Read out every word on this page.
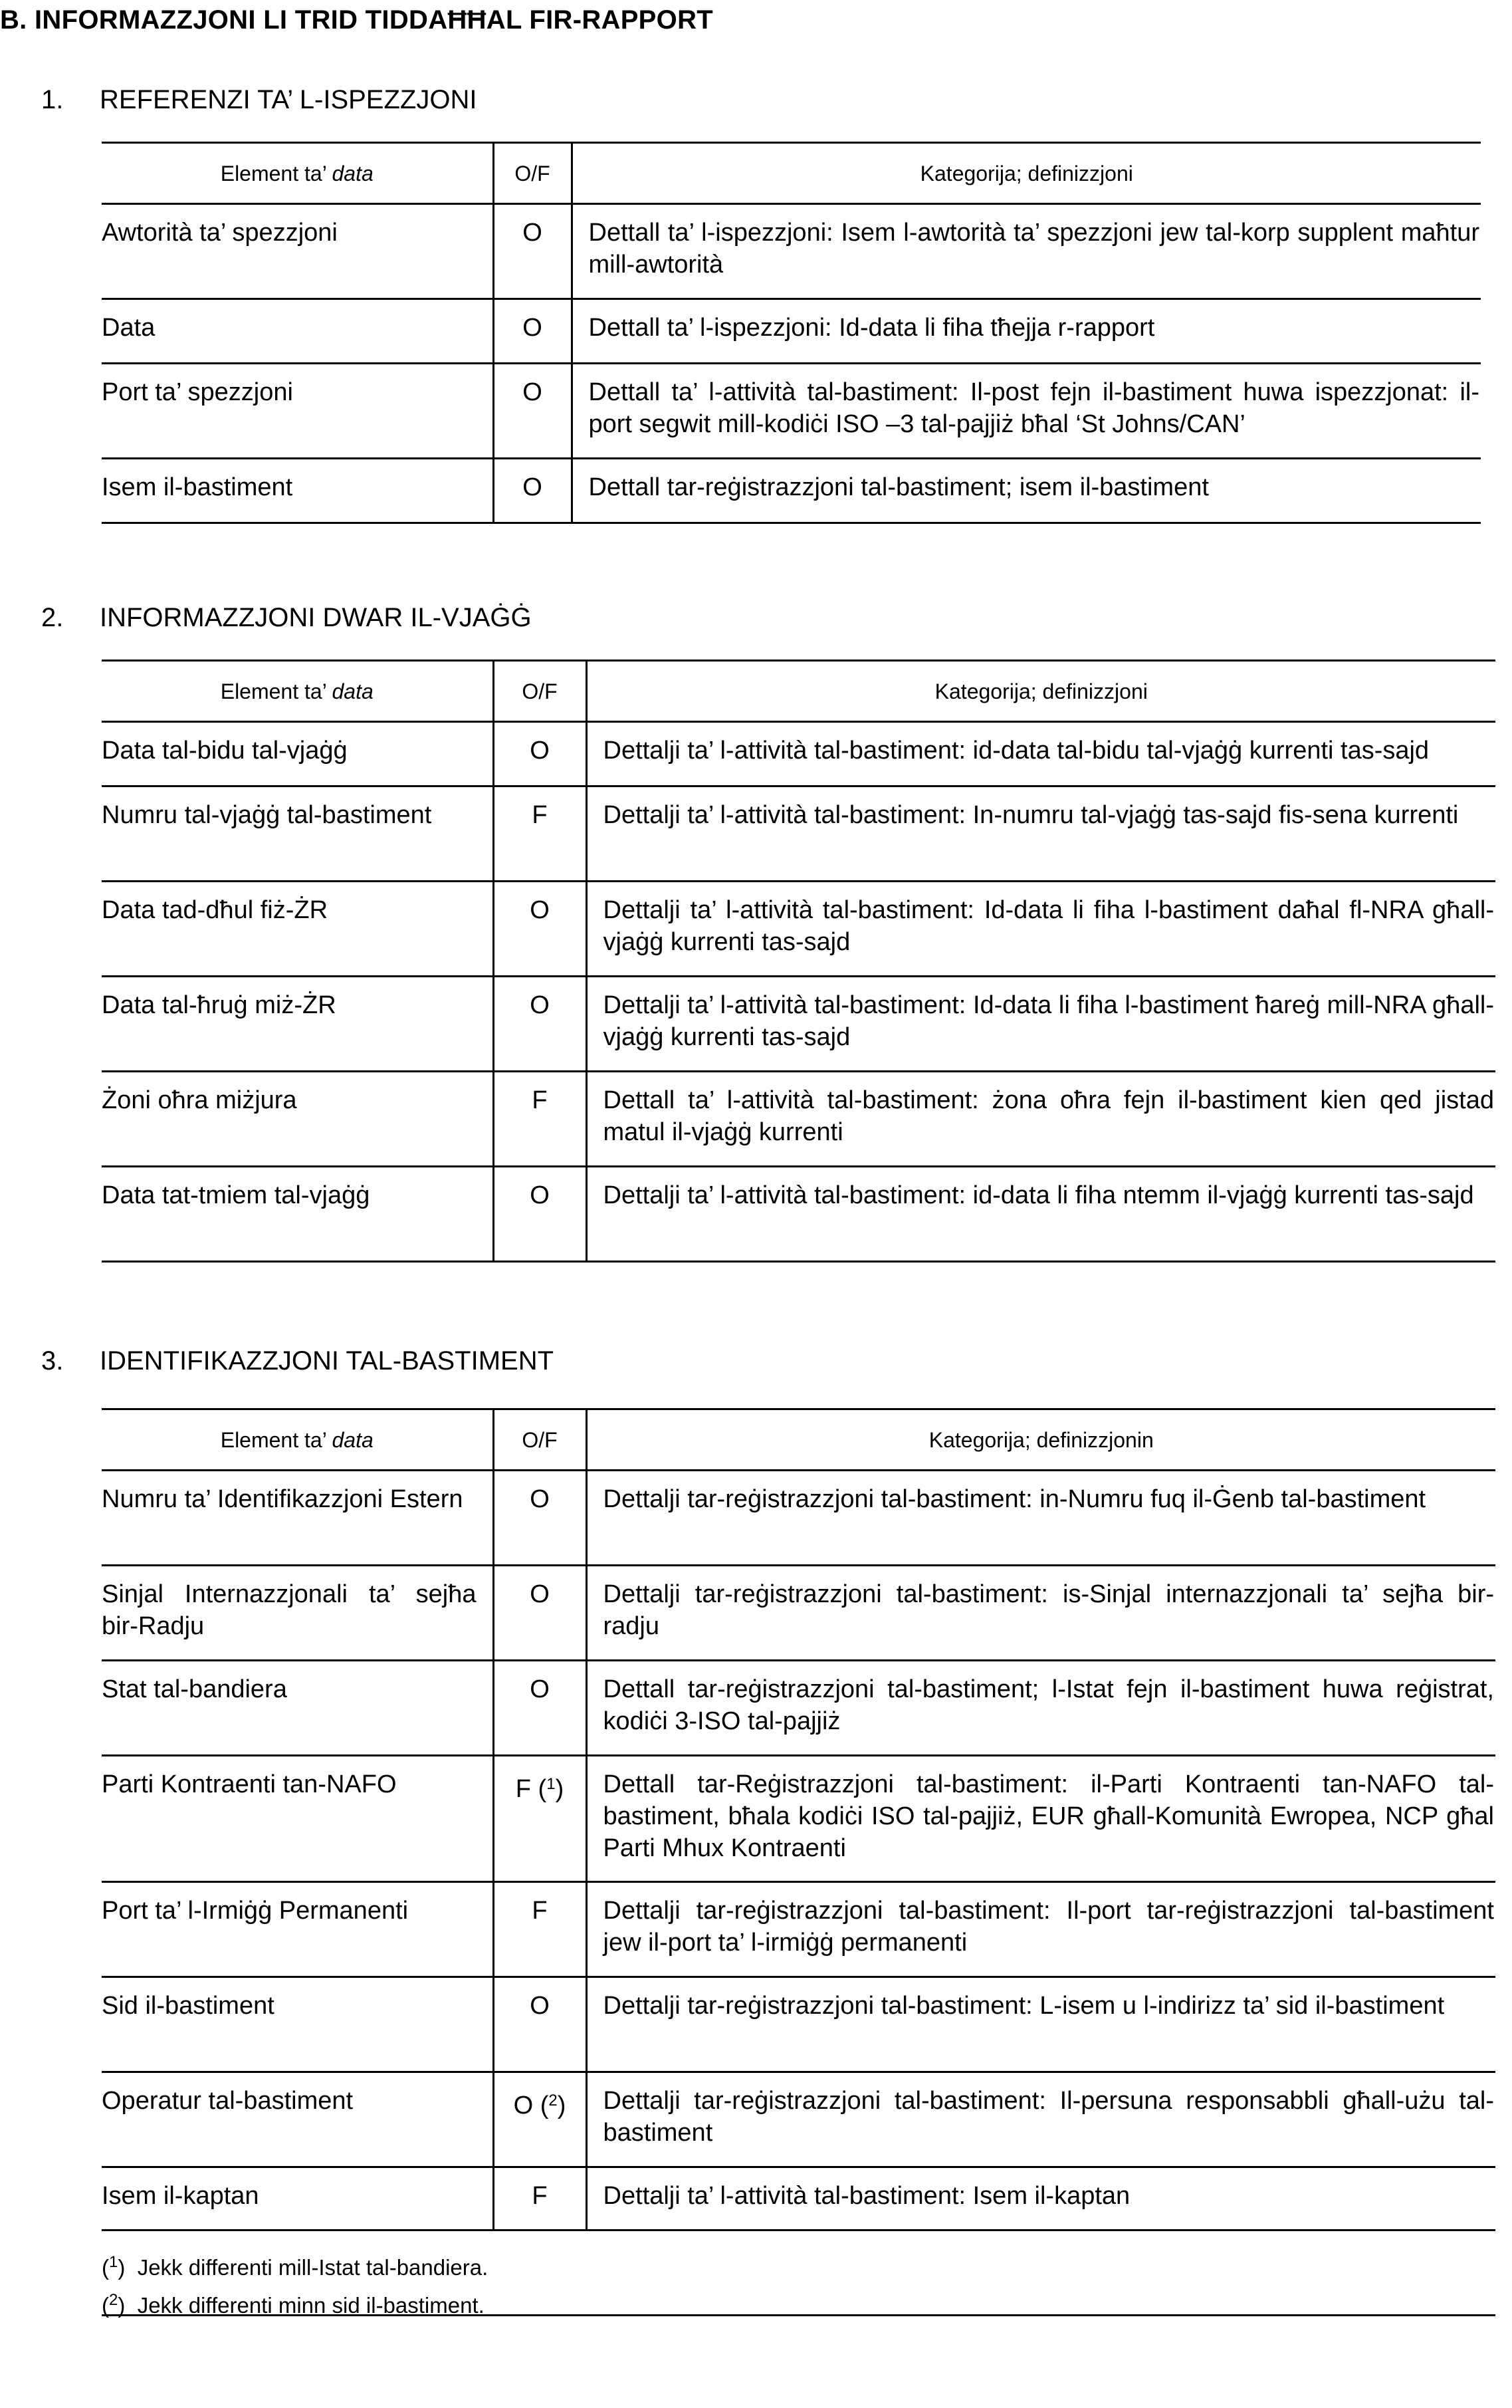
B. INFORMAZZJONI LI TRID TIDDAĦĦAL FIR-RAPPORT
1. REFERENZI TA’ L-ISPEZZJONI
Element ta’ data	O/F	Kategorija; definizzjoni
Awtorità ta’ spezzjoni	O	Dettall ta’ l-ispezzjoni: Isem l-awtorità ta’ spezzjoni jew tal-korp supplent maħtur mill-awtorità
Data	O	Dettall ta’ l-ispezzjoni: Id-data li fiha tħejja r-rapport
Port ta’ spezzjoni	O	Dettall ta’ l-attività tal-bastiment: Il-post fejn il-bastiment huwa ispezzjonat: il-port segwit mill-kodiċi ISO –3 tal-pajjiż bħal ‘St Johns/CAN’
Isem il-bastiment	O	Dettall tar-reġistrazzjoni tal-bastiment; isem il-bastiment
2. INFORMAZZJONI DWAR IL-VJAĠĠ
Element ta’ data	O/F	Kategorija; definizzjoni
Data tal-bidu tal-vjaġġ	O	Dettalji ta’ l-attività tal-bastiment: id-data tal-bidu tal-vjaġġ kurrenti tas-sajd
Numru tal-vjaġġ tal-bastiment	F	Dettalji ta’ l-attività tal-bastiment: In-numru tal-vjaġġ tas-sajd fis-sena kurrenti
Data tad-dħul fiż-ŻR	O	Dettalji ta’ l-attività tal-bastiment: Id-data li fiha l-bastiment daħal fl-NRA għall-vjaġġ kurrenti tas-sajd
Data tal-ħruġ miż-ŻR	O	Dettalji ta’ l-attività tal-bastiment: Id-data li fiha l-bastiment ħareġ mill-NRA għall-vjaġġ kurrenti tas-sajd
Żoni oħra miżjura	F	Dettall ta’ l-attività tal-bastiment: żona oħra fejn il-bastiment kien qed jistad matul il-vjaġġ kurrenti
Data tat-tmiem tal-vjaġġ	O	Dettalji ta’ l-attività tal-bastiment: id-data li fiha ntemm il-vjaġġ kurrenti tas-sajd
3. IDENTIFIKAZZJONI TAL-BASTIMENT
Element ta’ data	O/F	Kategorija; definizzjonin
Numru ta’ Identifikazzjoni Estern	O	Dettalji tar-reġistrazzjoni tal-bastiment: in-Numru fuq il-Ġenb tal-bastiment
Sinjal Internazzjonali ta’ sejħa bir-Radju	O	Dettalji tar-reġistrazzjoni tal-bastiment: is-Sinjal internazzjonali ta’ sejħa bir-radju
Stat tal-bandiera	O	Dettall tar-reġistrazzjoni tal-bastiment; l-Istat fejn il-bastiment huwa reġistrat, kodiċi 3-ISO tal-pajjiż
Parti Kontraenti tan-NAFO	F ($^1$)	Dettall tar-Reġistrazzjoni tal-bastiment: il-Parti Kontraenti tan-NAFO tal-bastiment, bħala kodiċi ISO tal-pajjiż, EUR għall-Komunità Ewropea, NCP għal Parti Mhux Kontraenti
Port ta’ l-Irmiġġ Permanenti	F	Dettalji tar-reġistrazzjoni tal-bastiment: Il-port tar-reġistrazzjoni tal-bastiment jew il-port ta’ l-irmiġġ permanenti
Sid il-bastiment	O	Dettalji tar-reġistrazzjoni tal-bastiment: L-isem u l-indirizz ta’ sid il-bastiment
Operatur tal-bastiment	O ($^2$)	Dettalji tar-reġistrazzjoni tal-bastiment: Il-persuna responsabbli għall-użu tal-bastiment
Isem il-kaptan	F	Dettalji ta’ l-attività tal-bastiment: Isem il-kaptan
($^1$)  Jekk differenti mill-Istat tal-bandiera.
($^2$)  Jekk differenti minn sid il-bastiment.
